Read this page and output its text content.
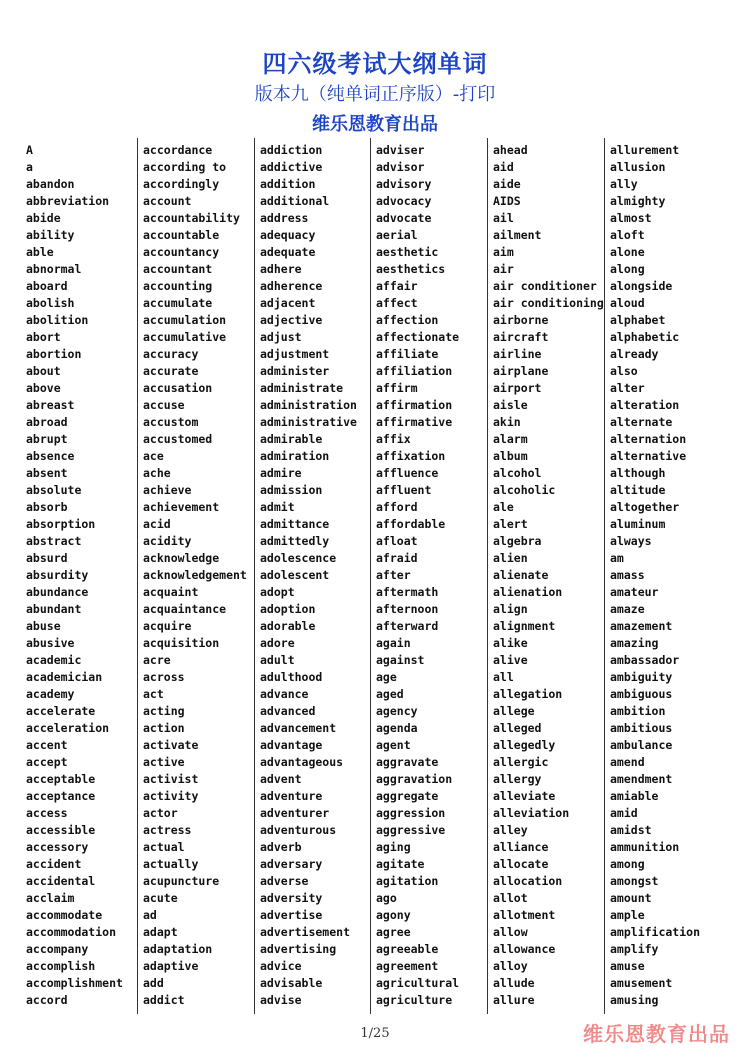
四六级考试大纲单词
版本九（纯单词正序版）-打印
维乐恩教育出品
A
a
abandon
abbreviation
abide
ability
able
abnormal
aboard
abolish
abolition
abort
abortion
about
above
abreast
abroad
abrupt
absence
absent
absolute
absorb
absorption
abstract
absurd
absurdity
abundance
abundant
abuse
abusive
academic
academician
academy
accelerate
acceleration
accent
accept
acceptable
acceptance
access
accessible
accessory
accident
accidental
acclaim
accommodate
accommodation
accompany
accomplish
accomplishment
accord
accordance
according to
accordingly
account
accountability
accountable
accountancy
accountant
accounting
accumulate
accumulation
accumulative
accuracy
accurate
accusation
accuse
accustom
accustomed
ace
ache
achieve
achievement
acid
acidity
acknowledge
acknowledgement
acquaint
acquaintance
acquire
acquisition
acre
across
act
acting
action
activate
active
activist
activity
actor
actress
actual
actually
acupuncture
acute
ad
adapt
adaptation
adaptive
add
addict
addiction
addictive
addition
additional
address
adequacy
adequate
adhere
adherence
adjacent
adjective
adjust
adjustment
administer
administrate
administration
administrative
admirable
admiration
admire
admission
admit
admittance
admittedly
adolescence
adolescent
adopt
adoption
adorable
adore
adult
adulthood
advance
advanced
advancement
advantage
advantageous
advent
adventure
adventurer
adventurous
adverb
adversary
adverse
adversity
advertise
advertisement
advertising
advice
advisable
advise
adviser
advisor
advisory
advocacy
advocate
aerial
aesthetic
aesthetics
affair
affect
affection
affectionate
affiliate
affiliation
affirm
affirmation
affirmative
affix
affixation
affluence
affluent
afford
affordable
afloat
afraid
after
aftermath
afternoon
afterward
again
against
age
aged
agency
agenda
agent
aggravate
aggravation
aggregate
aggression
aggressive
aging
agitate
agitation
ago
agony
agree
agreeable
agreement
agricultural
agriculture
ahead
aid
aide
AIDS
ail
ailment
aim
air
air conditioner
air conditioning
airborne
aircraft
airline
airplane
airport
aisle
akin
alarm
album
alcohol
alcoholic
ale
alert
algebra
alien
alienate
alienation
align
alignment
alike
alive
all
allegation
allege
alleged
allegedly
allergic
allergy
alleviate
alleviation
alley
alliance
allocate
allocation
allot
allotment
allow
allowance
alloy
allude
allure
allurement
allusion
ally
almighty
almost
aloft
alone
along
alongside
aloud
alphabet
alphabetic
already
also
alter
alteration
alternate
alternation
alternative
although
altitude
altogether
aluminum
always
am
amass
amateur
amaze
amazement
amazing
ambassador
ambiguity
ambiguous
ambition
ambitious
ambulance
amend
amendment
amiable
amid
amidst
ammunition
among
amongst
amount
ample
amplification
amplify
amuse
amusement
amusing
1/25	维乐恩教育出品
